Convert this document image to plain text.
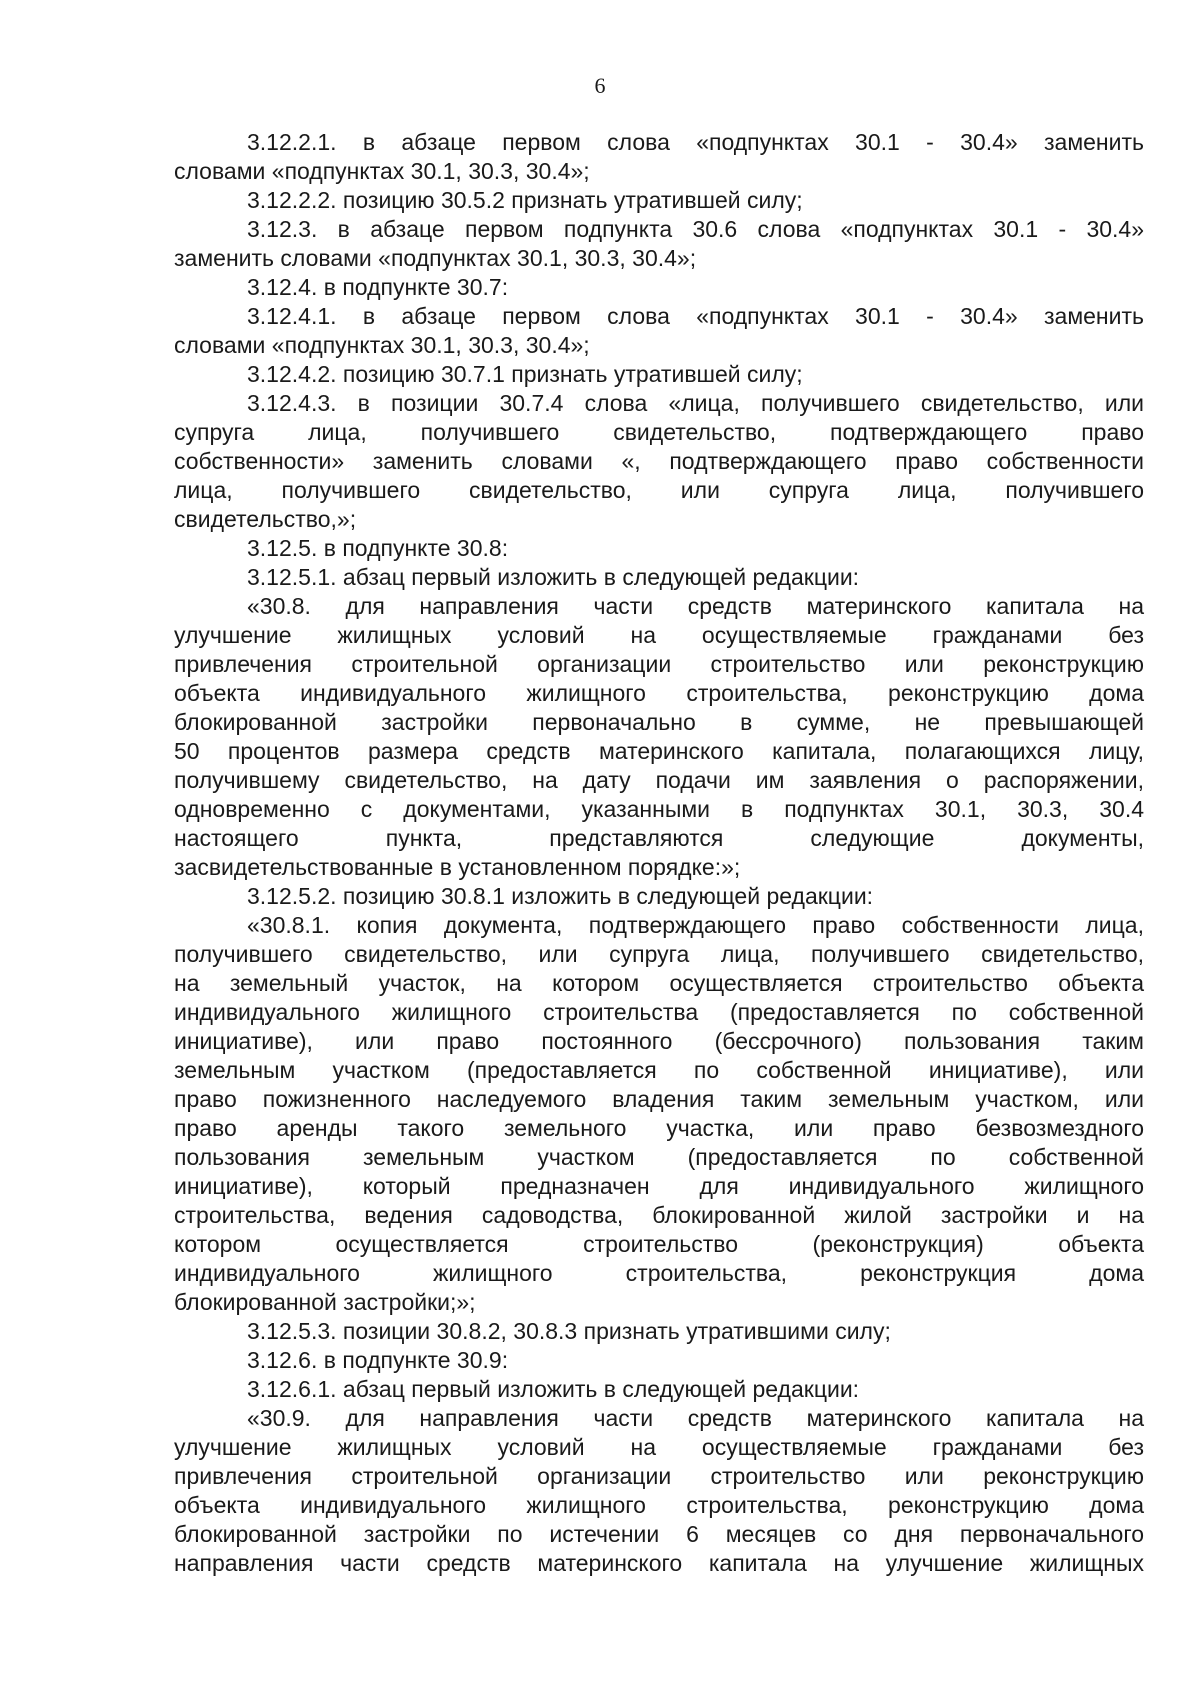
6
3.12.2.1. в абзаце первом слова «подпунктах 30.1 - 30.4» заменить
словами «подпунктах 30.1, 30.3, 30.4»;
3.12.2.2. позицию 30.5.2 признать утратившей силу;
3.12.3. в абзаце первом подпункта 30.6 слова «подпунктах 30.1 - 30.4»
заменить словами «подпунктах 30.1, 30.3, 30.4»;
3.12.4. в подпункте 30.7:
3.12.4.1. в абзаце первом слова «подпунктах 30.1 - 30.4» заменить
словами «подпунктах 30.1, 30.3, 30.4»;
3.12.4.2. позицию 30.7.1 признать утратившей силу;
3.12.4.3. в позиции 30.7.4 слова «лица, получившего свидетельство, или
супруга лица, получившего свидетельство, подтверждающего право
собственности» заменить словами «, подтверждающего право собственности
лица, получившего свидетельство, или супруга лица, получившего
свидетельство,»;
3.12.5. в подпункте 30.8:
3.12.5.1. абзац первый изложить в следующей редакции:
«30.8. для направления части средств материнского капитала на
улучшение жилищных условий на осуществляемые гражданами без
привлечения строительной организации строительство или реконструкцию
объекта индивидуального жилищного строительства, реконструкцию дома
блокированной застройки первоначально в сумме, не превышающей
50 процентов размера средств материнского капитала, полагающихся лицу,
получившему свидетельство, на дату подачи им заявления о распоряжении,
одновременно с документами, указанными в подпунктах 30.1, 30.3, 30.4
настоящего пункта, представляются следующие документы,
засвидетельствованные в установленном порядке:»;
3.12.5.2. позицию 30.8.1 изложить в следующей редакции:
«30.8.1. копия документа, подтверждающего право собственности лица,
получившего свидетельство, или супруга лица, получившего свидетельство,
на земельный участок, на котором осуществляется строительство объекта
индивидуального жилищного строительства (предоставляется по собственной
инициативе), или право постоянного (бессрочного) пользования таким
земельным участком (предоставляется по собственной инициативе), или
право пожизненного наследуемого владения таким земельным участком, или
право аренды такого земельного участка, или право безвозмездного
пользования земельным участком (предоставляется по собственной
инициативе), который предназначен для индивидуального жилищного
строительства, ведения садоводства, блокированной жилой застройки и на
котором осуществляется строительство (реконструкция) объекта
индивидуального жилищного строительства, реконструкция дома
блокированной застройки;»;
3.12.5.3. позиции 30.8.2, 30.8.3 признать утратившими силу;
3.12.6. в подпункте 30.9:
3.12.6.1. абзац первый изложить в следующей редакции:
«30.9. для направления части средств материнского капитала на
улучшение жилищных условий на осуществляемые гражданами без
привлечения строительной организации строительство или реконструкцию
объекта индивидуального жилищного строительства, реконструкцию дома
блокированной застройки по истечении 6 месяцев со дня первоначального
направления части средств материнского капитала на улучшение жилищных
